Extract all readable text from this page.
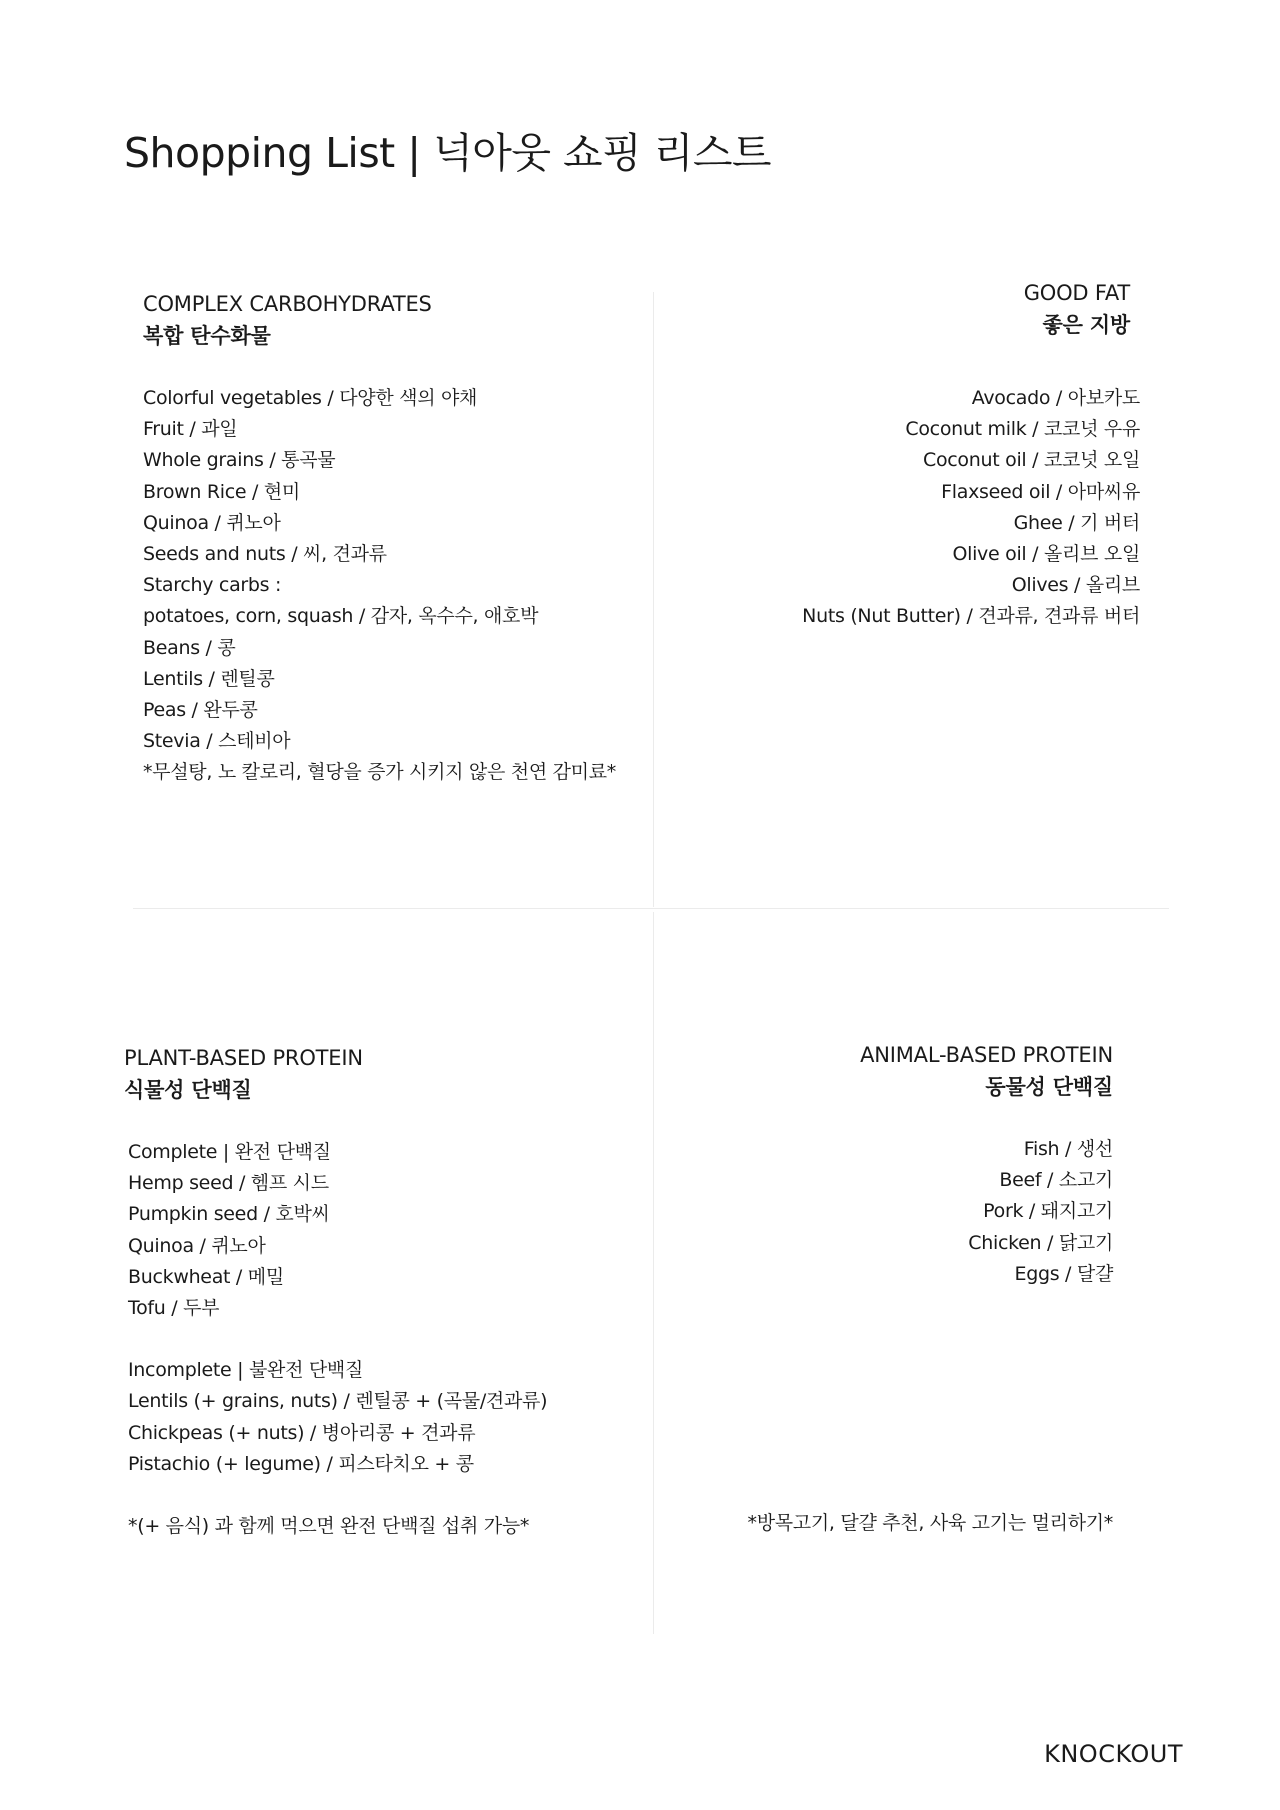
Shopping List | 넉아웃 쇼핑 리스트
COMPLEX CARBOHYDRATES
복합 탄수화물
Colorful vegetables / 다양한 색의 야채
Fruit / 과일
Whole grains / 통곡물
Brown Rice / 현미
Quinoa / 퀴노아
Seeds and nuts / 씨, 견과류
Starchy carbs :
potatoes, corn, squash / 감자, 옥수수, 애호박
Beans / 콩
Lentils / 렌틸콩
Peas / 완두콩
Stevia / 스테비아
*무설탕, 노 칼로리, 혈당을 증가 시키지 않은 천연 감미료*
GOOD FAT
좋은 지방
Avocado / 아보카도
Coconut milk / 코코넛 우유
Coconut oil / 코코넛 오일
Flaxseed oil / 아마씨유
Ghee / 기 버터
Olive oil / 올리브 오일
Olives / 올리브
Nuts (Nut Butter) / 견과류, 견과류 버터
PLANT-BASED PROTEIN
식물성 단백질
Complete | 완전 단백질
Hemp seed / 헴프 시드
Pumpkin seed / 호박씨
Quinoa / 퀴노아
Buckwheat / 메밀
Tofu / 두부
Incomplete | 불완전 단백질
Lentils (+ grains, nuts) / 렌틸콩 + (곡물/견과류)
Chickpeas (+ nuts) / 병아리콩 + 견과류
Pistachio (+ legume) / 피스타치오 + 콩
*(+ 음식) 과 함께 먹으면 완전 단백질 섭취 가능*
ANIMAL-BASED PROTEIN
동물성 단백질
Fish / 생선
Beef / 소고기
Pork / 돼지고기
Chicken / 닭고기
Eggs / 달걀
*방목고기, 달걀 추천, 사육 고기는 멀리하기*
KNOCKOUT
